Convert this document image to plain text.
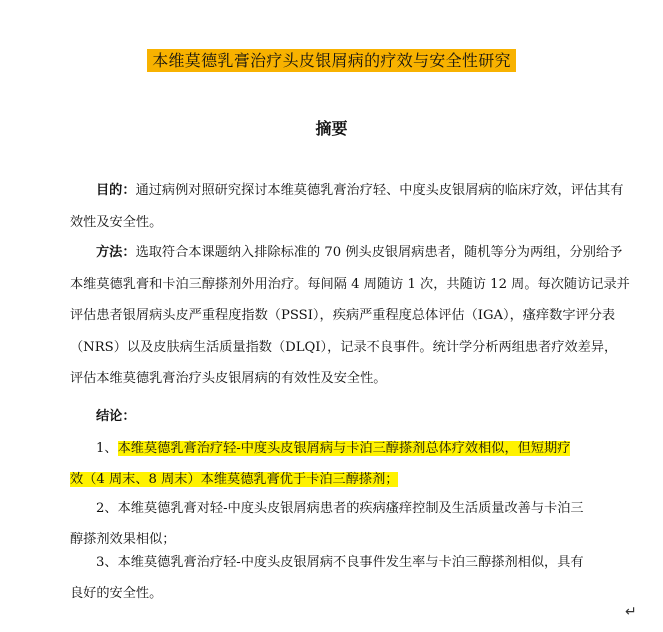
本维莫德乳膏治疗头皮银屑病的疗效与安全性研究
摘要

目的：通过病例对照研究探讨本维莫德乳膏治疗轻、中度头皮银屑病的临床疗效，评估其有效性及安全性。

方法：选取符合本课题纳入排除标准的 70 例头皮银屑病患者，随机等分为两组，分别给予本维莫德乳膏和卡泊三醇搽剂外用治疗。每间隔 4 周随访 1 次，共随访 12 周。每次随访记录并评估患者银屑病头皮严重程度指数（PSSI），疾病严重程度总体评估（IGA），瘙痒数字评分表（NRS）以及皮肤病生活质量指数（DLQI），记录不良事件。统计学分析两组患者疗效差异，评估本维莫德乳膏治疗头皮银屑病的有效性及安全性。

结论：

1、本维莫德乳膏治疗轻-中度头皮银屑病与卡泊三醇搽剂总体疗效相似，但短期疗效（4 周末、8 周末）本维莫德乳膏优于卡泊三醇搽剂；

2、本维莫德乳膏对轻-中度头皮银屑病患者的疾病瘙痒控制及生活质量改善与卡泊三醇搽剂效果相似；

3、本维莫德乳膏治疗轻-中度头皮银屑病不良事件发生率与卡泊三醇搽剂相似，具有良好的安全性。

↵
